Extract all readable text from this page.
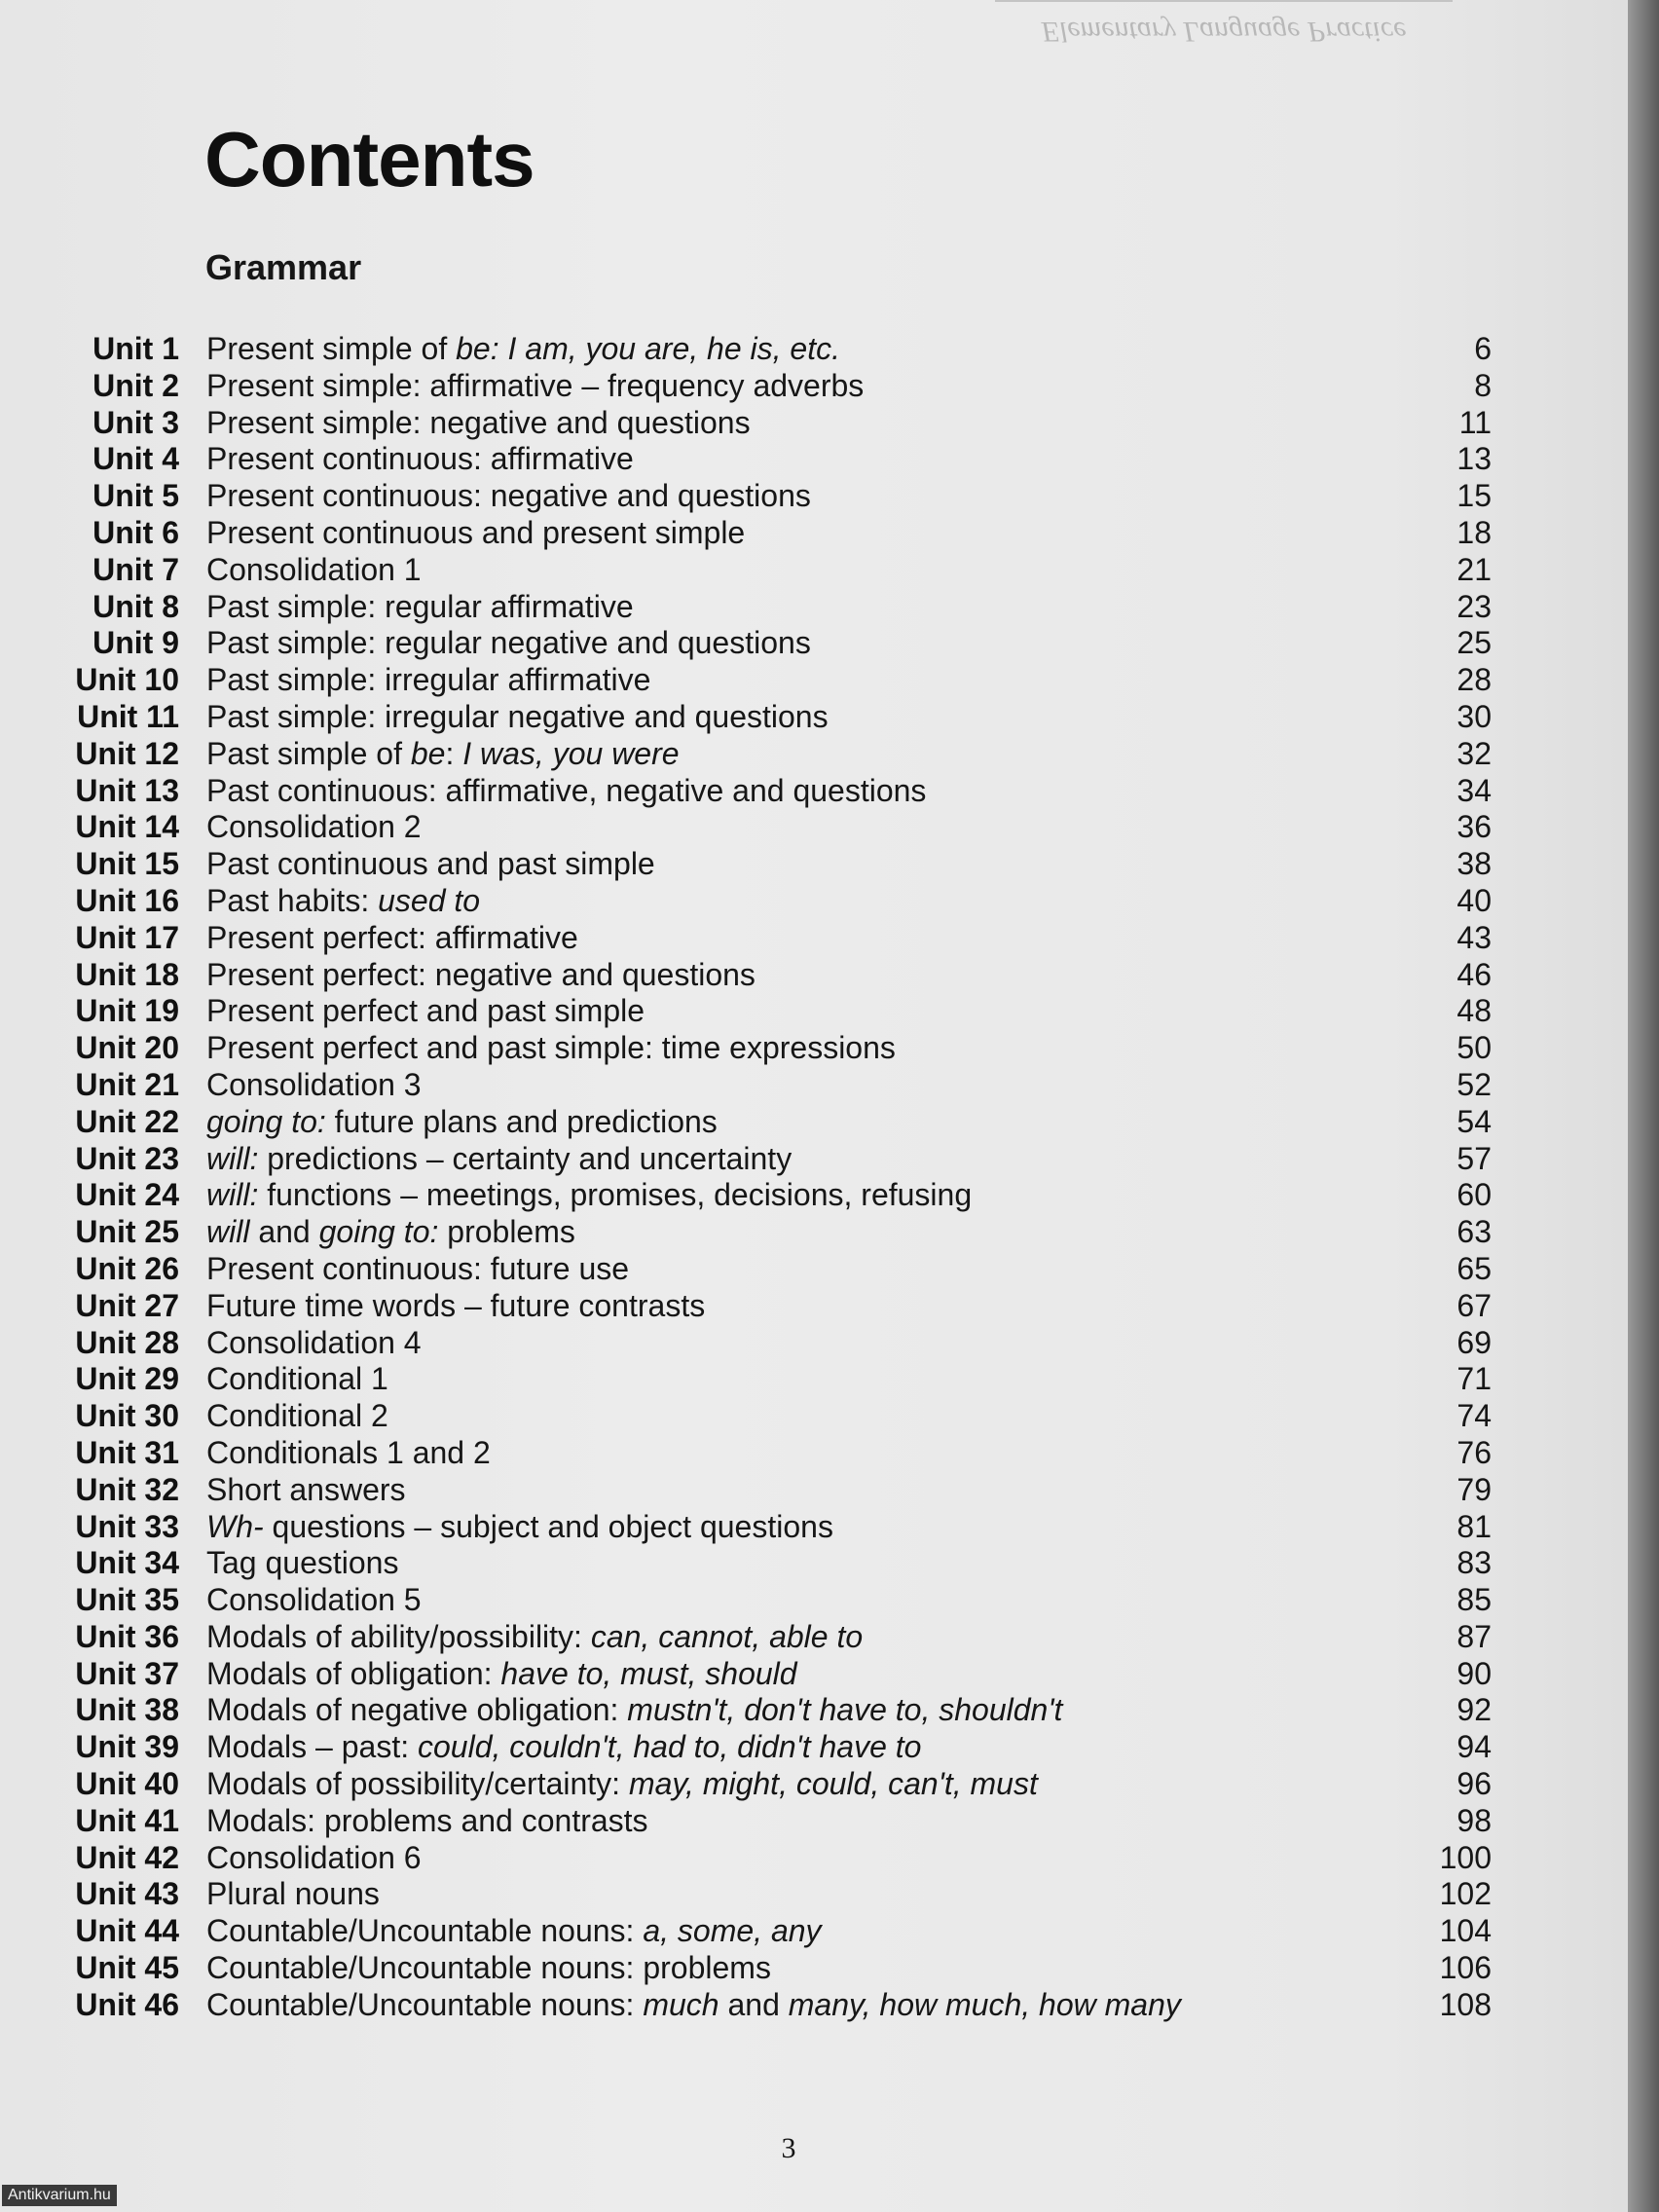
Elementary Language Practice
Contents
Grammar
Unit 1 Present simple of be: I am, you are, he is, etc.	6
Unit 2 Present simple: affirmative – frequency adverbs	8
Unit 3 Present simple: negative and questions	11
Unit 4 Present continuous: affirmative	13
Unit 5 Present continuous: negative and questions	15
Unit 6 Present continuous and present simple	18
Unit 7 Consolidation 1	21
Unit 8 Past simple: regular affirmative	23
Unit 9 Past simple: regular negative and questions	25
Unit 10 Past simple: irregular affirmative	28
Unit 11 Past simple: irregular negative and questions	30
Unit 12 Past simple of be: I was, you were	32
Unit 13 Past continuous: affirmative, negative and questions	34
Unit 14 Consolidation 2	36
Unit 15 Past continuous and past simple	38
Unit 16 Past habits: used to	40
Unit 17 Present perfect: affirmative	43
Unit 18 Present perfect: negative and questions	46
Unit 19 Present perfect and past simple	48
Unit 20 Present perfect and past simple: time expressions	50
Unit 21 Consolidation 3	52
Unit 22 going to: future plans and predictions	54
Unit 23 will: predictions – certainty and uncertainty	57
Unit 24 will: functions – meetings, promises, decisions, refusing	60
Unit 25 will and going to: problems	63
Unit 26 Present continuous: future use	65
Unit 27 Future time words – future contrasts	67
Unit 28 Consolidation 4	69
Unit 29 Conditional 1	71
Unit 30 Conditional 2	74
Unit 31 Conditionals 1 and 2	76
Unit 32 Short answers	79
Unit 33 Wh- questions – subject and object questions	81
Unit 34 Tag questions	83
Unit 35 Consolidation 5	85
Unit 36 Modals of ability/possibility: can, cannot, able to	87
Unit 37 Modals of obligation: have to, must, should	90
Unit 38 Modals of negative obligation: mustn't, don't have to, shouldn't	92
Unit 39 Modals – past: could, couldn't, had to, didn't have to	94
Unit 40 Modals of possibility/certainty: may, might, could, can't, must	96
Unit 41 Modals: problems and contrasts	98
Unit 42 Consolidation 6	100
Unit 43 Plural nouns	102
Unit 44 Countable/Uncountable nouns: a, some, any	104
Unit 45 Countable/Uncountable nouns: problems	106
Unit 46 Countable/Uncountable nouns: much and many, how much, how many	108
3
Antikvarium.hu
